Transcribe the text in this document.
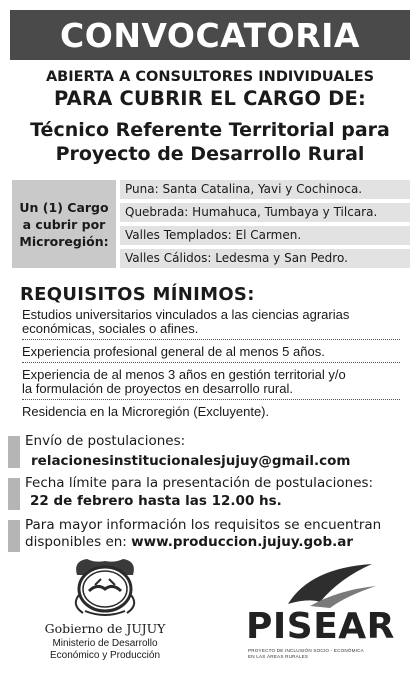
CONVOCATORIA
ABIERTA A CONSULTORES INDIVIDUALES
PARA CUBRIR EL CARGO DE:
Técnico Referente Territorial para
Proyecto de Desarrollo Rural
Un (1) Cargo
a cubrir por
Microregión:
Puna: Santa Catalina, Yavi y Cochinoca.
Quebrada: Humahuca, Tumbaya y Tilcara.
Valles Templados: El Carmen.
Valles Cálidos: Ledesma y San Pedro.
REQUISITOS MÍNIMOS:
Estudios universitarios vinculados a las ciencias agrarias
económicas, sociales o afines.
Experiencia profesional general de al menos 5 años.
Experiencia de al menos 3 años en gestión territorial y/o
la formulación de proyectos en desarrollo rural.
Residencia en la Microregión (Excluyente).
Envío de postulaciones:
relacionesinstitucionalesjujuy@gmail.com
Fecha límite para la presentación de postulaciones:
22 de febrero hasta las 12.00 hs.
Para mayor información los requisitos se encuentran
disponibles en: www.produccion.jujuy.gob.ar
Gobierno de JUJUY
Ministerio de Desarrollo
Económico y Producción
PISEAR
PROYECTO DE INCLUSIÓN SOCIO - ECONÓMICA
EN LAS ÁREAS RURALES
